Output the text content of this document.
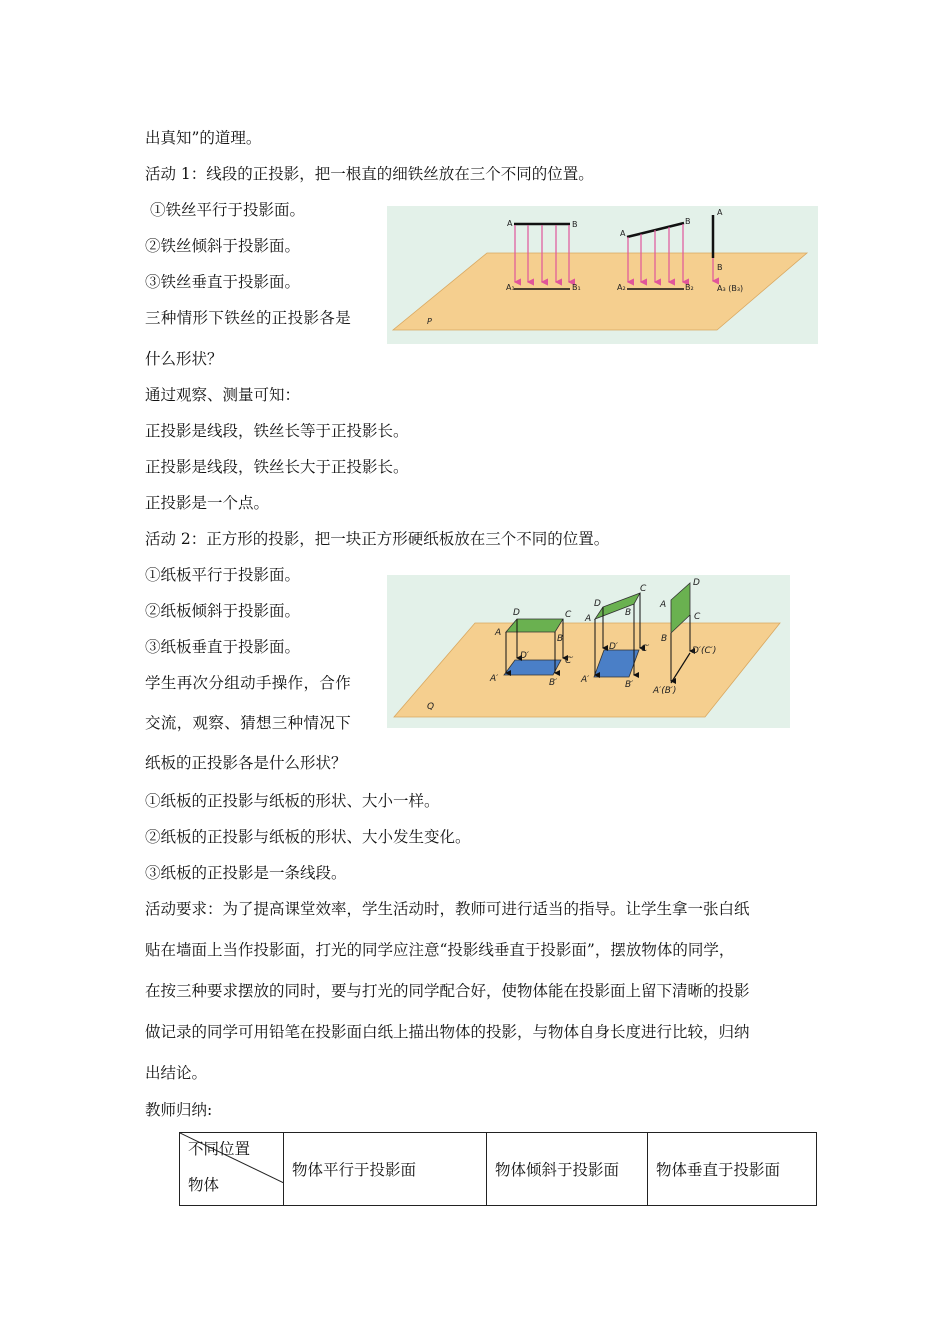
出真知”的道理。
活动 1：线段的正投影，把一根直的细铁丝放在三个不同的位置。
①铁丝平行于投影面。
②铁丝倾斜于投影面。
③铁丝垂直于投影面。
三种情形下铁丝的正投影各是
什么形状？
通过观察、测量可知：
正投影是线段，铁丝长等于正投影长。
正投影是线段，铁丝长大于正投影长。
正投影是一个点。
活动 2：正方形的投影，把一块正方形硬纸板放在三个不同的位置。
①纸板平行于投影面。
②纸板倾斜于投影面。
③纸板垂直于投影面。
学生再次分组动手操作，合作
交流，观察、猜想三种情况下
纸板的正投影各是什么形状？
①纸板的正投影与纸板的形状、大小一样。
②纸板的正投影与纸板的形状、大小发生变化。
③纸板的正投影是一条线段。
活动要求：为了提高课堂效率，学生活动时，教师可进行适当的指导。让学生拿一张白纸
贴在墙面上当作投影面，打光的同学应注意“投影线垂直于投影面”，摆放物体的同学，
在按三种要求摆放的同时，要与打光的同学配合好，使物体能在投影面上留下清晰的投影
做记录的同学可用铅笔在投影面白纸上描出物体的投影，与物体自身长度进行比较，归纳
出结论。
教师归纳:
A	B
A₁	B₁
A
B
A₂	B₂
A
B
A₃ (B₃)
P
D	C
A
B
D′	C′
A′	B′
D
C
A
B
D′	C′
A′	B′
D
A
C
B
D′(C′)
A′(B′)
Q
不同位置
物体
	物体平行于投影面	物体倾斜于投影面	物体垂直于投影面
